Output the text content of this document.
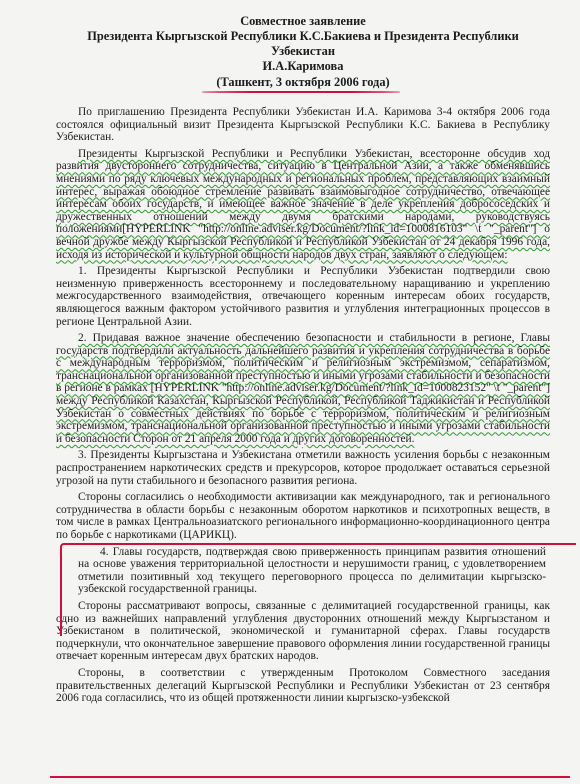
Совместное заявление
Президента Кыргызской Республики К.С.Бакиева и Президента Республики Узбекистан
И.А.Каримова
(Ташкент, 3 октября 2006 года)

По приглашению Президента Республики Узбекистан И.А. Каримова 3-4 октября 2006 года состоялся официальный визит Президента Кыргызской Республики К.С. Бакиева в Республику Узбекистан.

Президенты Кыргызской Республики и Республики Узбекистан, всесторонне обсудив ход развития двустороннего сотрудничества, ситуацию в Центральной Азии, а также обменявшись мнениями по ряду ключевых международных и региональных проблем, представляющих взаимный интерес, выражая обоюдное стремление развивать взаимовыгодное сотрудничество, отвечающее интересам обоих государств, и имеющее важное значение в деле укрепления добрососедских и дружественных отношений между двумя братскими народами, руководствуясь положениями[HYPERLINK "http://online.adviser.kg/Document/?link_id=1000816103" \t "_parent"] о вечной дружбе между Кыргызской Республикой и Республикой Узбекистан от 24 декабря 1996 года, исходя из исторической и культурной общности народов двух стран, заявляют о следующем:

1. Президенты Кыргызской Республики и Республики Узбекистан подтвердили свою неизменную приверженность всестороннему и последовательному наращиванию и укреплению межгосударственного взаимодействия, отвечающего коренным интересам обоих государств, являющегося важным фактором устойчивого развития и углубления интеграционных процессов в регионе Центральной Азии.

2. Придавая важное значение обеспечению безопасности и стабильности в регионе, Главы государств подтвердили актуальность дальнейшего развития и укрепления сотрудничества в борьбе с международным терроризмом, политическим и религиозным экстремизмом, сепаратизмом, транснациональной организованной преступностью и иными угрозами стабильности и безопасности в регионе в рамках [HYPERLINK "http://online.adviser.kg/Document/?link_id=1000823152" \t "_parent"] между Республикой Казахстан, Кыргызской Республикой, Республикой Таджикистан и Республикой Узбекистан о совместных действиях по борьбе с терроризмом, политическим и религиозным экстремизмом, транснациональной организованной преступностью и иными угрозами стабильности и безопасности Сторон от 21 апреля 2000 года и других договоренностей.

3. Президенты Кыргызстана и Узбекистана отметили важность усиления борьбы с незаконным распространением наркотических средств и прекурсоров, которое продолжает оставаться серьезной угрозой на пути стабильного и безопасного развития региона.

Стороны согласились о необходимости активизации как международного, так и регионального сотрудничества в области борьбы с незаконным оборотом наркотиков и психотропных веществ, в том числе в рамках Центральноазиатского регионального информационно-координационного центра по борьбе с наркотиками (ЦАРИКЦ).

4. Главы государств, подтверждая свою приверженность принципам развития отношений на основе уважения территориальной целостности и нерушимости границ, с удовлетворением отметили позитивный ход текущего переговорного процесса по делимитации кыргызско-узбекской государственной границы.

Стороны рассматривают вопросы, связанные с делимитацией государственной границы, как одно из важнейших направлений углубления двусторонних отношений между Кыргызстаном и Узбекистаном в политической, экономической и гуманитарной сферах. Главы государств подчеркнули, что окончательное завершение правового оформления линии государственной границы отвечает коренным интересам двух братских народов.

Стороны, в соответствии с утвержденным Протоколом Совместного заседания правительственных делегаций Кыргызской Республики и Республики Узбекистан от 23 сентября 2006 года согласились, что из общей протяженности линии кыргызско-узбекской
